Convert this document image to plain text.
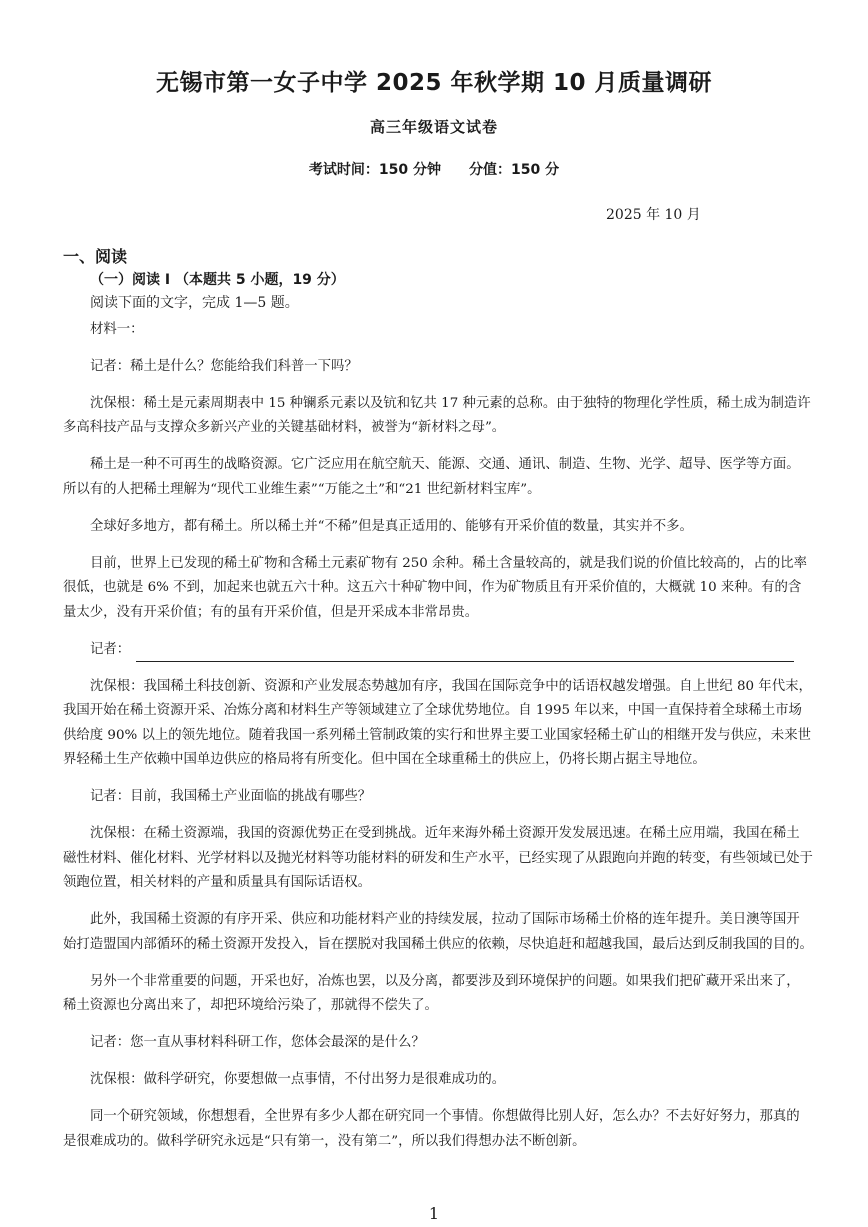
无锡市第一女子中学 2025 年秋学期 10 月质量调研
高三年级语文试卷
考试时间：150 分钟 分值：150 分
2025 年 10 月
一、阅读
（一）阅读 I （本题共 5 小题，19 分）
阅读下面的文字，完成 1—5 题。

材料一：

记者：稀土是什么？您能给我们科普一下吗？

沈保根：稀土是元素周期表中 15 种镧系元素以及钪和钇共 17 种元素的总称。由于独特的物理化学性质，稀土成为制造许多高科技产品与支撑众多新兴产业的关键基础材料，被誉为“新材料之母”。

稀土是一种不可再生的战略资源。它广泛应用在航空航天、能源、交通、通讯、制造、生物、光学、超导、医学等方面。所以有的人把稀土理解为“现代工业维生素”“万能之土”和“21 世纪新材料宝库”。

全球好多地方，都有稀土。所以稀土并“不稀”但是真正适用的、能够有开采价值的数量，其实并不多。

目前，世界上已发现的稀土矿物和含稀土元素矿物有 250 余种。稀土含量较高的，就是我们说的价值比较高的，占的比率很低，也就是 6% 不到，加起来也就五六十种。这五六十种矿物中间，作为矿物质且有开采价值的，大概就 10 来种。有的含量太少，没有开采价值；有的虽有开采价值，但是开采成本非常昂贵。

记者：

沈保根：我国稀土科技创新、资源和产业发展态势越加有序，我国在国际竞争中的话语权越发增强。自上世纪 80 年代末，我国开始在稀土资源开采、冶炼分离和材料生产等领域建立了全球优势地位。自 1995 年以来，中国一直保持着全球稀土市场供给度 90% 以上的领先地位。随着我国一系列稀土管制政策的实行和世界主要工业国家轻稀土矿山的相继开发与供应，未来世界轻稀土生产依赖中国单边供应的格局将有所变化。但中国在全球重稀土的供应上，仍将长期占据主导地位。

记者：目前，我国稀土产业面临的挑战有哪些？

沈保根：在稀土资源端，我国的资源优势正在受到挑战。近年来海外稀土资源开发发展迅速。在稀土应用端，我国在稀土磁性材料、催化材料、光学材料以及抛光材料等功能材料的研发和生产水平，已经实现了从跟跑向并跑的转变，有些领域已处于领跑位置，相关材料的产量和质量具有国际话语权。

此外，我国稀土资源的有序开采、供应和功能材料产业的持续发展，拉动了国际市场稀土价格的连年提升。美日澳等国开始打造盟国内部循环的稀土资源开发投入，旨在摆脱对我国稀土供应的依赖，尽快追赶和超越我国，最后达到反制我国的目的。

另外一个非常重要的问题，开采也好，冶炼也罢，以及分离，都要涉及到环境保护的问题。如果我们把矿藏开采出来了，稀土资源也分离出来了，却把环境给污染了，那就得不偿失了。

记者：您一直从事材料科研工作，您体会最深的是什么？

沈保根：做科学研究，你要想做一点事情，不付出努力是很难成功的。

同一个研究领域，你想想看，全世界有多少人都在研究同一个事情。你想做得比别人好，怎么办？不去好好努力，那真的是很难成功的。做科学研究永远是“只有第一，没有第二”，所以我们得想办法不断创新。

1
